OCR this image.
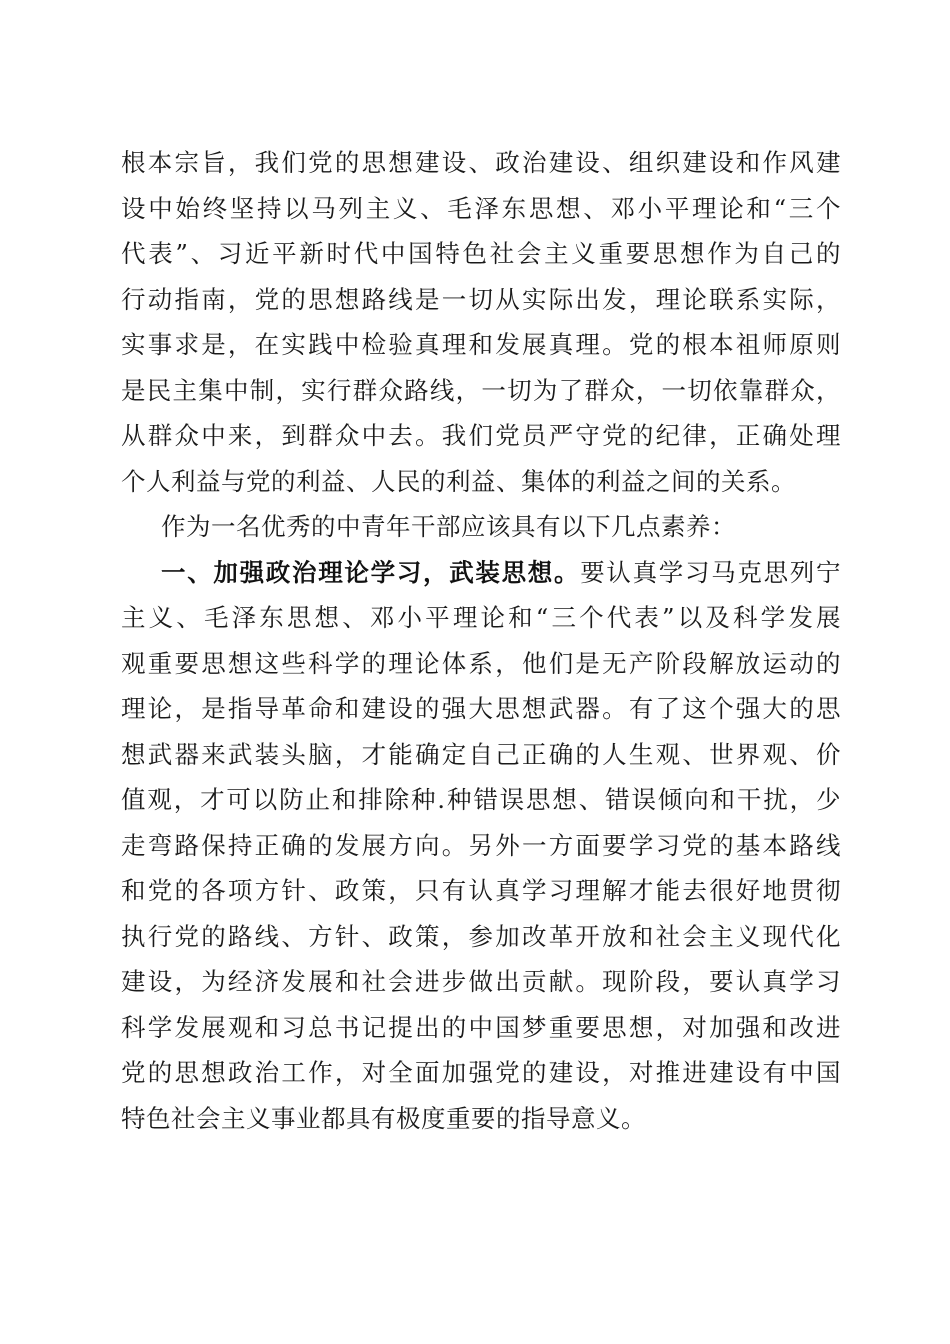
根本宗旨，我们党的思想建设、政治建设、组织建设和作风建
设中始终坚持以马列主义、毛泽东思想、邓小平理论和“三个
代表”、习近平新时代中国特色社会主义重要思想作为自己的
行动指南，党的思想路线是一切从实际出发，理论联系实际，
实事求是，在实践中检验真理和发展真理。党的根本祖师原则
是民主集中制，实行群众路线，一切为了群众，一切依靠群众，
从群众中来，到群众中去。我们党员严守党的纪律，正确处理
个人利益与党的利益、人民的利益、集体的利益之间的关系。
作为一名优秀的中青年干部应该具有以下几点素养：
一、加强政治理论学习，武装思想。要认真学习马克思列宁
主义、毛泽东思想、邓小平理论和“三个代表”以及科学发展
观重要思想这些科学的理论体系，他们是无产阶段解放运动的
理论，是指导革命和建设的强大思想武器。有了这个强大的思
想武器来武装头脑，才能确定自己正确的人生观、世界观、价
值观，才可以防止和排除种.种错误思想、错误倾向和干扰，少
走弯路保持正确的发展方向。另外一方面要学习党的基本路线
和党的各项方针、政策，只有认真学习理解才能去很好地贯彻
执行党的路线、方针、政策，参加改革开放和社会主义现代化
建设，为经济发展和社会进步做出贡献。现阶段，要认真学习
科学发展观和习总书记提出的中国梦重要思想，对加强和改进
党的思想政治工作，对全面加强党的建设，对推进建设有中国
特色社会主义事业都具有极度重要的指导意义。
